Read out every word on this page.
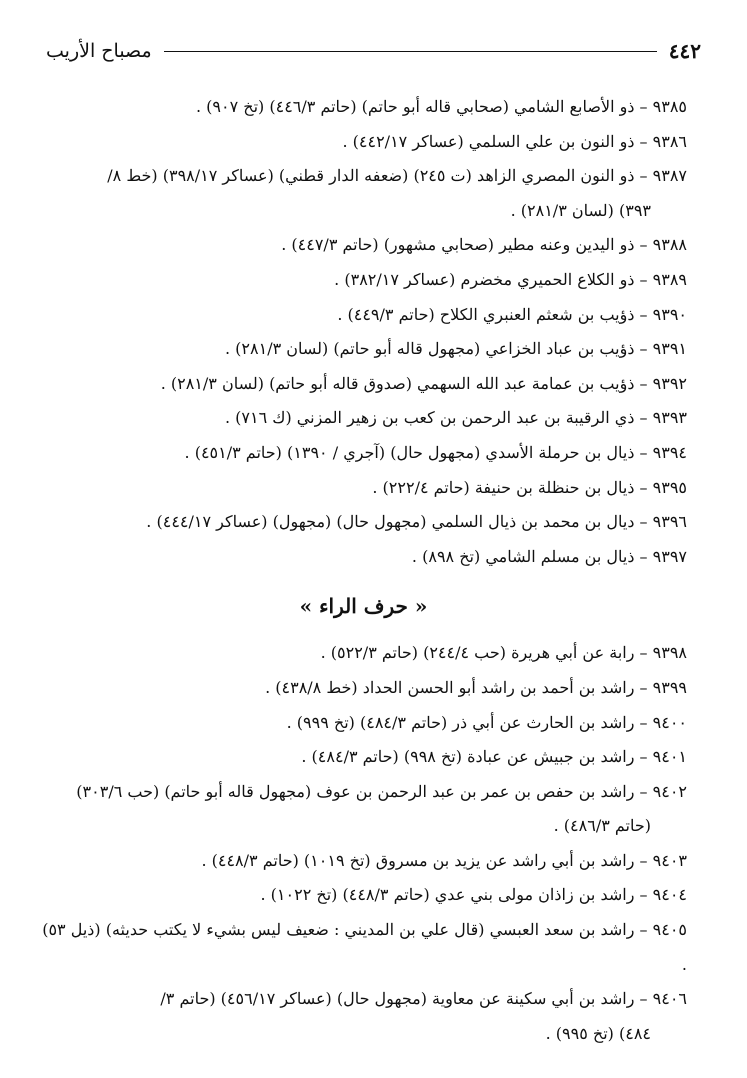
٤٤٢
مصباح الأريب

٩٣٨٥ – ذو الأصابع الشامي (صحابي قاله أبو حاتم) (حاتم ٤٤٦/٣) (تخ ٩٠٧) .

٩٣٨٦ – ذو النون بن علي السلمي (عساكر ٤٤٢/١٧) .

٩٣٨٧ – ذو النون المصري الزاهد (ت ٢٤٥) (ضعفه الدار قطني) (عساكر ٣٩٨/١٧) (خط ٨/
٣٩٣) (لسان ٢٨١/٣) .

٩٣٨٨ – ذو اليدين وعنه مطير (صحابي مشهور) (حاتم ٤٤٧/٣) .

٩٣٨٩ – ذو الكلاع الحميري مخضرم (عساكر ٣٨٢/١٧) .

٩٣٩٠ – ذؤيب بن شعثم العنبري الكلاح (حاتم ٤٤٩/٣) .

٩٣٩١ – ذؤيب بن عباد الخزاعي (مجهول قاله أبو حاتم) (لسان ٢٨١/٣) .

٩٣٩٢ – ذؤيب بن عمامة عبد الله السهمي (صدوق قاله أبو حاتم) (لسان ٢٨١/٣) .

٩٣٩٣ – ذي الرقيبة بن عبد الرحمن بن كعب بن زهير المزني (ك ٧١٦) .

٩٣٩٤ – ذيال بن حرملة الأسدي (مجهول حال) (آجري / ١٣٩٠) (حاتم ٤٥١/٣) .

٩٣٩٥ – ذيال بن حنظلة بن حنيفة (حاتم ٢٢٢/٤) .

٩٣٩٦ – ديال بن محمد بن ذيال السلمي (مجهول حال) (مجهول) (عساكر ٤٤٤/١٧) .

٩٣٩٧ – ذيال بن مسلم الشامي (تخ ٨٩٨) .

« حرف الراء »

٩٣٩٨ – رابة عن أبي هريرة (حب ٢٤٤/٤) (حاتم ٥٢٢/٣) .

٩٣٩٩ – راشد بن أحمد بن راشد أبو الحسن الحداد (خط ٤٣٨/٨) .

٩٤٠٠ – راشد بن الحارث عن أبي ذر (حاتم ٤٨٤/٣) (تخ ٩٩٩) .

٩٤٠١ – راشد بن جبيش عن عبادة (تخ ٩٩٨) (حاتم ٤٨٤/٣) .

٩٤٠٢ – راشد بن حفص بن عمر بن عبد الرحمن بن عوف (مجهول قاله أبو حاتم) (حب ٣٠٣/٦)
(حاتم ٤٨٦/٣) .

٩٤٠٣ – راشد بن أبي راشد عن يزيد بن مسروق (تخ ١٠١٩) (حاتم ٤٤٨/٣) .

٩٤٠٤ – راشد بن زاذان مولى بني عدي (حاتم ٤٤٨/٣) (تخ ١٠٢٢) .

٩٤٠٥ – راشد بن سعد العبسي (قال علي بن المديني : ضعيف ليس بشيء لا يكتب حديثه) (ذيل ٥٣) .

٩٤٠٦ – راشد بن أبي سكينة عن معاوية (مجهول حال) (عساكر ٤٥٦/١٧) (حاتم ٣/
٤٨٤) (تخ ٩٩٥) .
